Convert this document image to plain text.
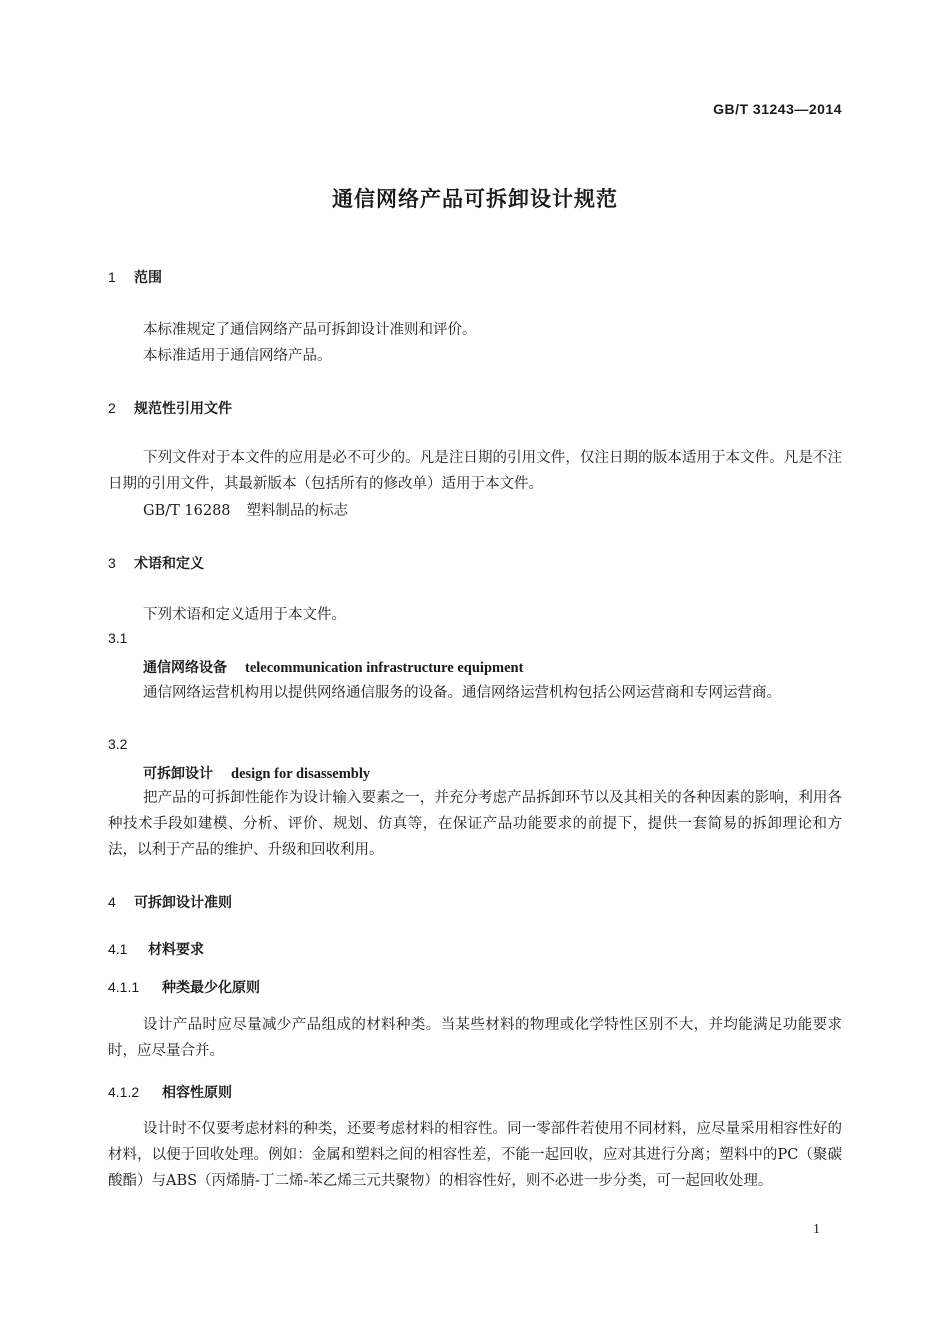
GB/T 31243—2014
通信网络产品可拆卸设计规范
1 范围
本标准规定了通信网络产品可拆卸设计准则和评价。
本标准适用于通信网络产品。
2 规范性引用文件
下列文件对于本文件的应用是必不可少的。凡是注日期的引用文件，仅注日期的版本适用于本文件。凡是不注日期的引用文件，其最新版本（包括所有的修改单）适用于本文件。
GB/T 16288 塑料制品的标志
3 术语和定义
下列术语和定义适用于本文件。
3.1
通信网络设备 telecommunication infrastructure equipment
通信网络运营机构用以提供网络通信服务的设备。通信网络运营机构包括公网运营商和专网运营商。
3.2
可拆卸设计 design for disassembly
把产品的可拆卸性能作为设计输入要素之一，并充分考虑产品拆卸环节以及其相关的各种因素的影响，利用各种技术手段如建模、分析、评价、规划、仿真等，在保证产品功能要求的前提下，提供一套简易的拆卸理论和方法，以利于产品的维护、升级和回收利用。
4 可拆卸设计准则
4.1 材料要求
4.1.1 种类最少化原则
设计产品时应尽量减少产品组成的材料种类。当某些材料的物理或化学特性区别不大，并均能满足功能要求时，应尽量合并。
4.1.2 相容性原则
设计时不仅要考虑材料的种类，还要考虑材料的相容性。同一零部件若使用不同材料，应尽量采用相容性好的材料，以便于回收处理。例如：金属和塑料之间的相容性差，不能一起回收，应对其进行分离；塑料中的PC（聚碳酸酯）与ABS（丙烯腈-丁二烯-苯乙烯三元共聚物）的相容性好，则不必进一步分类，可一起回收处理。
1
